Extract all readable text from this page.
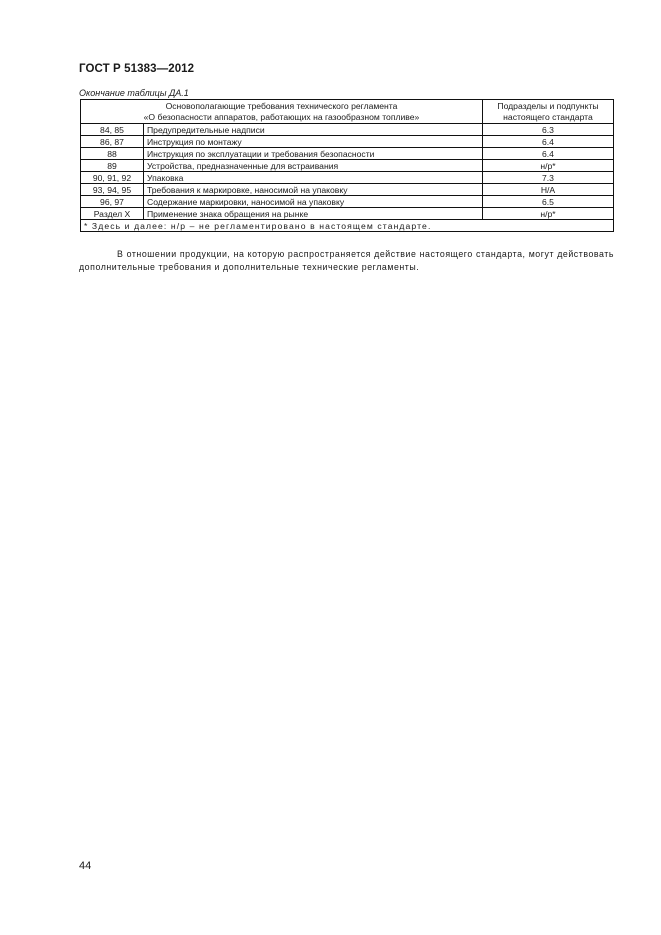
ГОСТ Р 51383—2012
Окончание таблицы ДА.1
Основополагающие требования технического регламента
«О безопасности аппаратов, работающих на газообразном топливе»		Подразделы и подпункты
настоящего стандарта
84, 85	Предупредительные надписи	6.3
86, 87	Инструкция по монтажу	6.4
88	Инструкция по эксплуатации и требования безопасности	6.4
89	Устройства, предназначенные для встраивания	н/р*
90, 91, 92	Упаковка	7.3
93, 94, 95	Требования к маркировке, наносимой на упаковку	Н/А
96, 97	Содержание маркировки, наносимой на упаковку	6.5
Раздел X	Применение знака обращения на рынке	н/р*
* Здесь и далее: н/р – не регламентировано в настоящем стандарте.		
В отношении продукции, на которую распространяется действие настоящего стандарта, могут действовать дополнительные требования и дополнительные технические регламенты.
44
